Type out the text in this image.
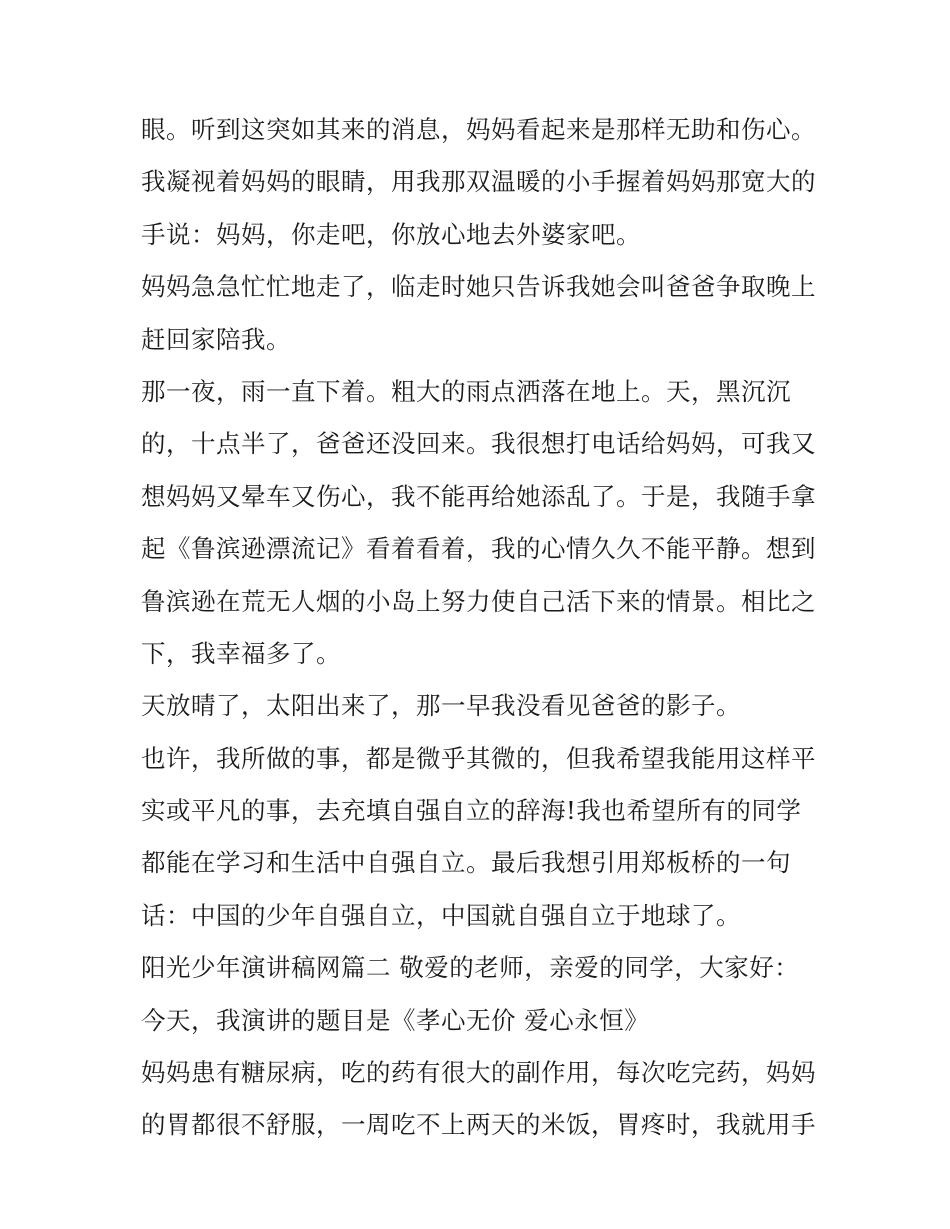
眼。听到这突如其来的消息，妈妈看起来是那样无助和伤心。
我凝视着妈妈的眼睛，用我那双温暖的小手握着妈妈那宽大的
手说：妈妈，你走吧，你放心地去外婆家吧。
妈妈急急忙忙地走了，临走时她只告诉我她会叫爸爸争取晚上
赶回家陪我。
那一夜，雨一直下着。粗大的雨点洒落在地上。天，黑沉沉
的，十点半了，爸爸还没回来。我很想打电话给妈妈，可我又
想妈妈又晕车又伤心，我不能再给她添乱了。于是，我随手拿
起《鲁滨逊漂流记》看着看着，我的心情久久不能平静。想到
鲁滨逊在荒无人烟的小岛上努力使自己活下来的情景。相比之
下，我幸福多了。
天放晴了，太阳出来了，那一早我没看见爸爸的影子。
也许，我所做的事，都是微乎其微的，但我希望我能用这样平
实或平凡的事，去充填自强自立的辞海!我也希望所有的同学
都能在学习和生活中自强自立。最后我想引用郑板桥的一句
话：中国的少年自强自立，中国就自强自立于地球了。
阳光少年演讲稿网篇二 敬爱的老师，亲爱的同学，大家好：
今天，我演讲的题目是《孝心无价 爱心永恒》
妈妈患有糖尿病，吃的药有很大的副作用，每次吃完药，妈妈
的胃都很不舒服，一周吃不上两天的米饭，胃疼时，我就用手
